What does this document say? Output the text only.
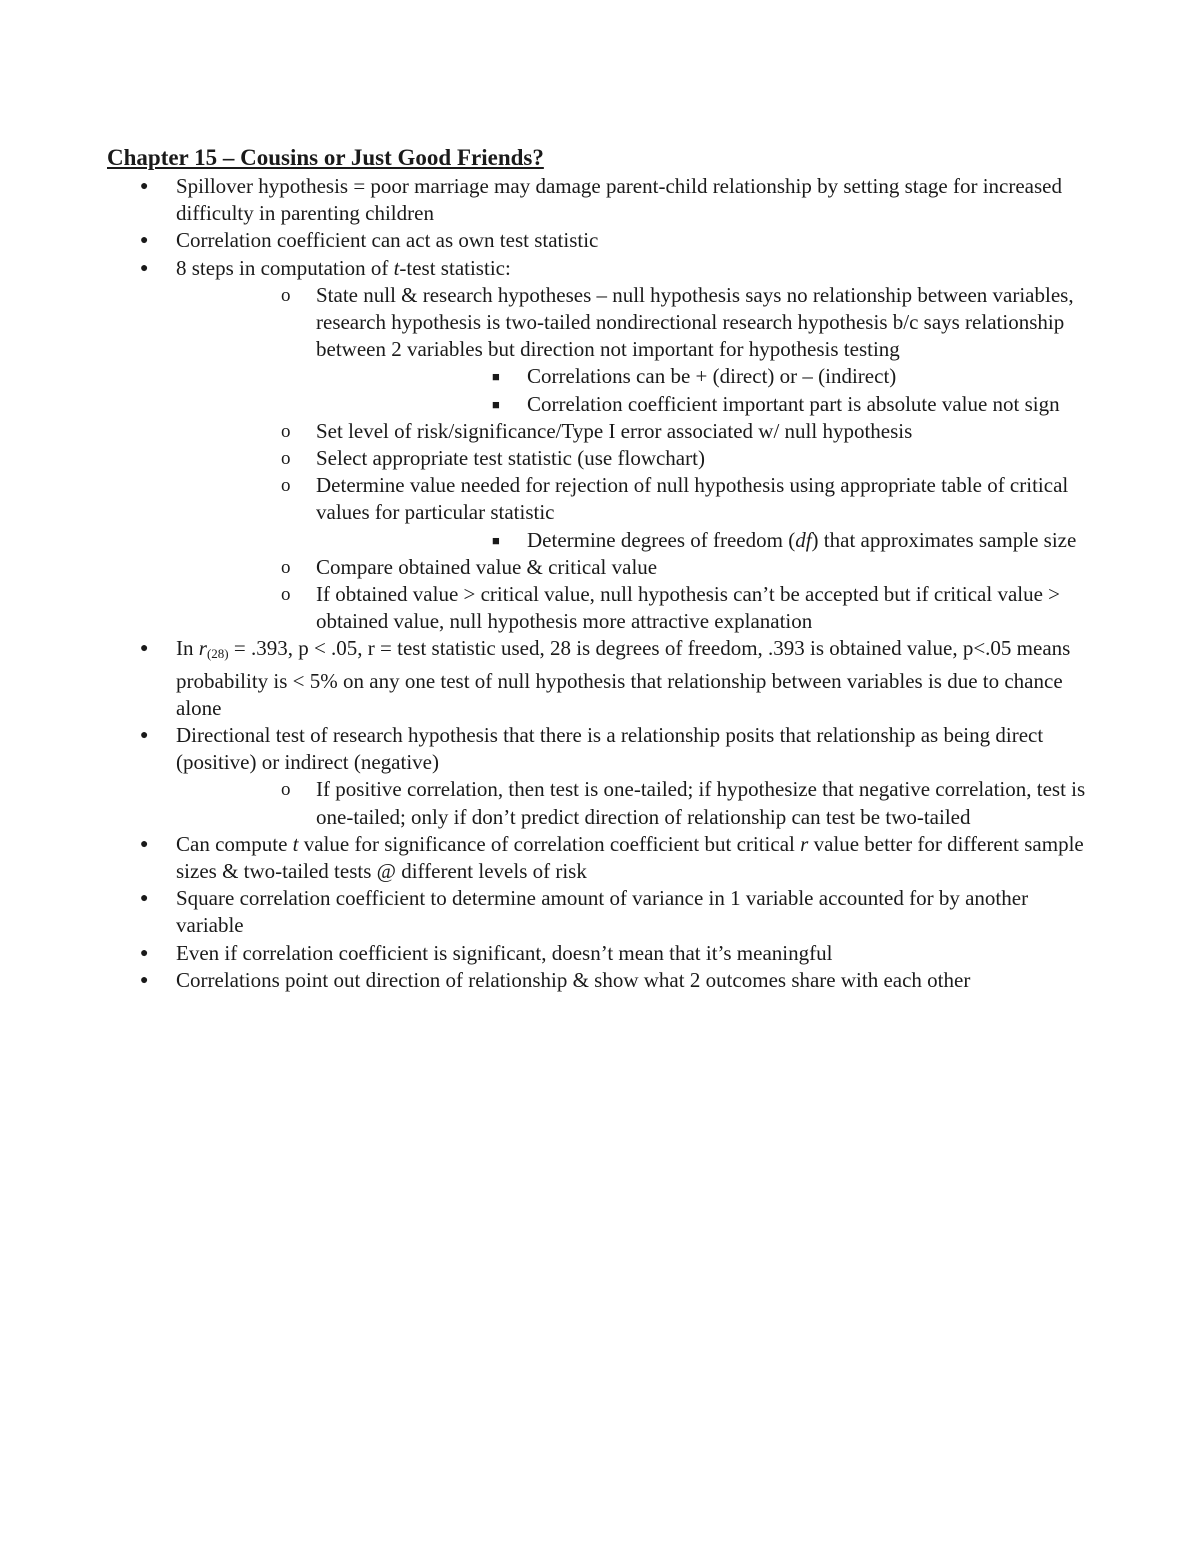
Chapter 15 – Cousins or Just Good Friends?
● Spillover hypothesis = poor marriage may damage parent-child relationship by setting stage for increased difficulty in parenting children
● Correlation coefficient can act as own test statistic
● 8 steps in computation of t-test statistic:
o State null & research hypotheses – null hypothesis says no relationship between variables, research hypothesis is two-tailed nondirectional research hypothesis b/c says relationship between 2 variables but direction not important for hypothesis testing
■ Correlations can be + (direct) or – (indirect)
■ Correlation coefficient important part is absolute value not sign
o Set level of risk/significance/Type I error associated w/ null hypothesis
o Select appropriate test statistic (use flowchart)
o Determine value needed for rejection of null hypothesis using appropriate table of critical values for particular statistic
■ Determine degrees of freedom (df) that approximates sample size
o Compare obtained value & critical value
o If obtained value > critical value, null hypothesis can’t be accepted but if critical value > obtained value, null hypothesis more attractive explanation
● In $r_{(28)} = .393$, p < .05, r = test statistic used, 28 is degrees of freedom, .393 is obtained value, p<.05 means probability is < 5% on any one test of null hypothesis that relationship between variables is due to chance alone
● Directional test of research hypothesis that there is a relationship posits that relationship as being direct (positive) or indirect (negative)
o If positive correlation, then test is one-tailed; if hypothesize that negative correlation, test is one-tailed; only if don’t predict direction of relationship can test be two-tailed
● Can compute t value for significance of correlation coefficient but critical r value better for different sample sizes & two-tailed tests @ different levels of risk
● Square correlation coefficient to determine amount of variance in 1 variable accounted for by another variable
● Even if correlation coefficient is significant, doesn’t mean that it’s meaningful
● Correlations point out direction of relationship & show what 2 outcomes share with each other
